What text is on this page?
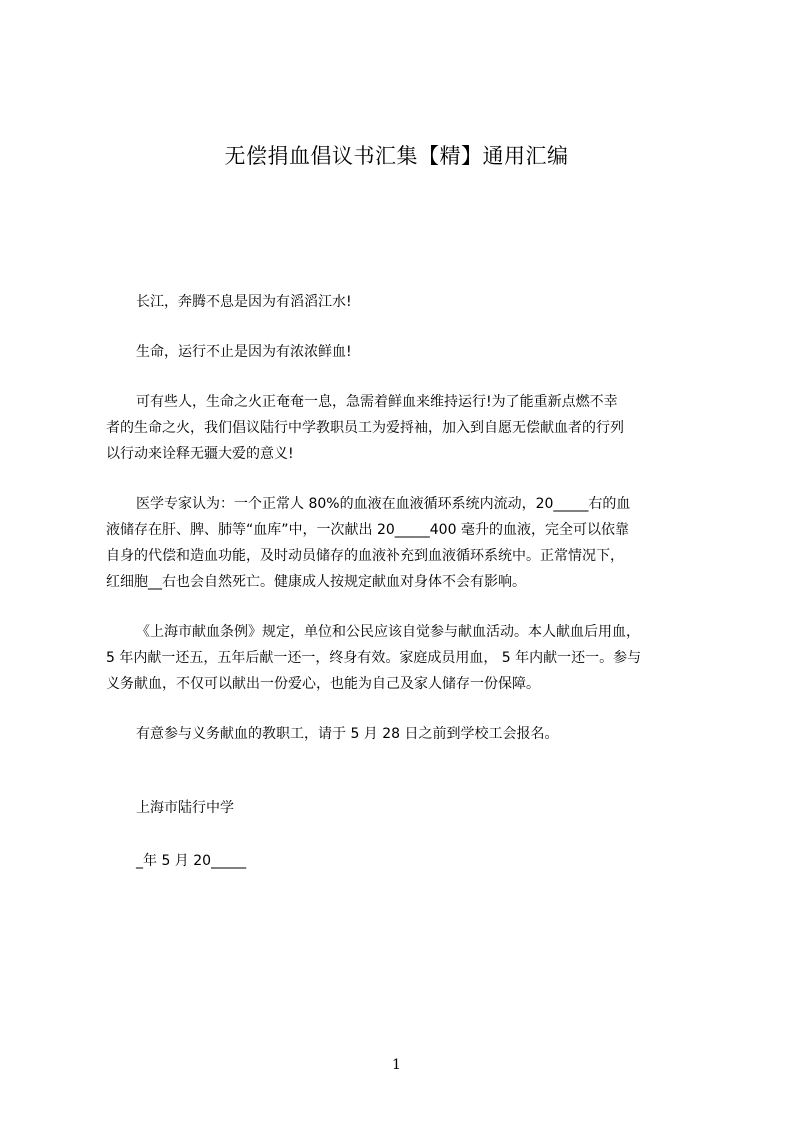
无偿捐血倡议书汇集【精】通用汇编

长江，奔腾不息是因为有滔滔江水!

生命，运行不止是因为有浓浓鲜血!

可有些人，生命之火正奄奄一息，急需着鲜血来维持运行!为了能重新点燃不幸
者的生命之火，我们倡议陆行中学教职员工为爱捋袖，加入到自愿无偿献血者的行列
以行动来诠释无疆大爱的意义!

医学专家认为：一个正常人 80%的血液在血液循环系统内流动，20_____右的血
液储存在肝、脾、肺等“血库”中，一次献出 20_____400 毫升的血液，完全可以依靠
自身的代偿和造血功能，及时动员储存的血液补充到血液循环系统中。正常情况下，
红细胞__右也会自然死亡。健康成人按规定献血对身体不会有影响。

《上海市献血条例》规定，单位和公民应该自觉参与献血活动。本人献血后用血，
5 年内献一还五，五年后献一还一，终身有效。家庭成员用血， 5 年内献一还一。参与
义务献血，不仅可以献出一份爱心，也能为自己及家人储存一份保障。

有意参与义务献血的教职工，请于 5 月 28 日之前到学校工会报名。

上海市陆行中学
_年 5 月 20_____
1
